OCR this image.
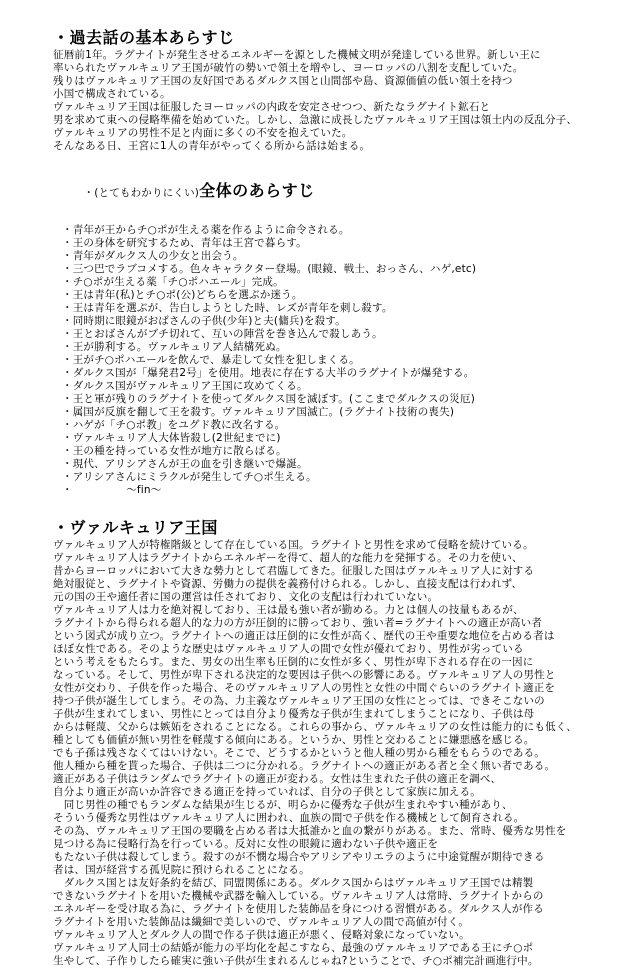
・過去話の基本あらすじ
征暦前1年。ラグナイトが発生させるエネルギーを源とした機械文明が発達している世界。新しい王に
率いられたヴァルキュリア王国が破竹の勢いで領土を増やし、ヨーロッパの八割を支配していた。
残りはヴァルキュリア王国の友好国であるダルクス国と山間部や島、資源価値の低い領土を持つ
小国で構成されている。
ヴァルキュリア王国は征服したヨーロッパの内政を安定させつつ、新たなラグナイト鉱石と
男を求めて東への侵略準備を始めていた。しかし、急激に成長したヴァルキュリア王国は領土内の反乱分子、
ヴァルキュリアの男性不足と内面に多くの不安を抱えていた。
そんなある日、王宮に1人の青年がやってくる所から話は始まる。

・(とてもわかりにくい)全体のあらすじ

・青年が王からチ○ポが生える薬を作るように命令される。
・王の身体を研究するため、青年は王宮で暮らす。
・青年がダルクス人の少女と出会う。
・三つ巴でラブコメする。色々キャラクター登場。(眼鏡、戦士、おっさん、ハゲ,etc)
・チ○ポが生える薬「チ○ポハエール」完成。
・王は青年(私)とチ○ポ(公)どちらを選ぶか迷う。
・王は青年を選ぶが、告白しようとした時、レズが青年を刺し殺す。
・同時期に眼鏡がおばさんの子供(少年)と夫(傭兵)を殺す。
・王とおばさんがブチ切れて、互いの陣営を巻き込んで殺しあう。
・王が勝利する。ヴァルキュリア人結構死ぬ。
・王がチ○ポハエールを飲んで、暴走して女性を犯しまくる。
・ダルクス国が「爆発君2号」を使用。地表に存在する大半のラグナイトが爆発する。
・ダルクス国がヴァルキュリア王国に攻めてくる。
・王と軍が残りのラグナイトを使ってダルクス国を滅ぼす。(ここまでダルクスの災厄)
・属国が反旗を翻して王を殺す。ヴァルキュリア国滅亡。(ラグナイト技術の喪失)
・ハゲが「チ○ポ教」をユグド教に改名する。
・ヴァルキュリア人大体皆殺し(2世紀までに)
・王の種を持っている女性が地方に散らばる。
・現代、アリシアさんが王の血を引き継いで爆誕。
・アリシアさんにミラクルが発生してチ○ポ生える。
・　　　　　～fin～
・ヴァルキュリア王国
ヴァルキュリア人が特権階級として存在している国。ラグナイトと男性を求めて侵略を続けている。
ヴァルキュリア人はラグナイトからエネルギーを得て、超人的な能力を発揮する。その力を使い、
昔からヨーロッパにおいて大きな勢力として君臨してきた。征服した国はヴァルキュリア人に対する
絶対服従と、ラグナイトや資源、労働力の提供を義務付けられる。しかし、直接支配は行われず、
元の国の王や適任者に国の運営は任されており、文化の支配は行われていない。
ヴァルキュリア人は力を絶対視しており、王は最も強い者が勤める。力とは個人の技量もあるが、
ラグナイトから得られる超人的な力の方が圧倒的に勝っており、強い者=ラグナイトへの適正が高い者
という図式が成り立つ。ラグナイトへの適正は圧倒的に女性が高く、歴代の王や重要な地位を占める者は
ほぼ女性である。そのような歴史はヴァルキュリア人の間で女性が優れており、男性が劣っている
という考えをもたらす。また、男女の出生率も圧倒的に女性が多く、男性が卑下される存在の一因に
なっている。そして、男性が卑下される決定的な要因は子供への影響にある。ヴァルキュリア人の男性と
女性が交わり、子供を作った場合、そのヴァルキュリア人の男性と女性の中間ぐらいのラグナイト適正を
持つ子供が誕生してしまう。その為、力主義なヴァルキュリア王国の女性にとっては、できそこないの
子供が生まれてしまい、男性にとっては自分より優秀な子供が生まれてしまうことになり、子供は母
からは軽蔑、父からは嫉妬をされることになる。これらの事から、ヴァルキュリアの女性は能力的にも低く、
種としても価値が無い男性を軽蔑する傾向にある。というか、男性と交わることに嫌悪感を感じる。
でも子孫は残さなくてはいけない。そこで、どうするかというと他人種の男から種をもらうのである。
他人種から種を貰った場合、子供は二つに分かれる。ラグナイトへの適正がある者と全く無い者である。
適正がある子供はランダムでラグナイトの適正が変わる。女性は生まれた子供の適正を調べ、
自分より適正が高いか許容できる適正を持っていれば、自分の子供として家族に加える。
　同じ男性の種でもランダムな結果が生じるが、明らかに優秀な子供が生まれやすい種があり、
そういう優秀な男性はヴァルキュリア人に囲われ、血族の間で子供を作る機械として飼育される。
その為、ヴァルキュリア王国の要職を占める者は大抵誰かと血の繋がりがある。また、常時、優秀な男性を
見つける為に侵略行為を行っている。反対に女性の眼鏡に適わない子供や適正を
もたない子供は殺してしまう。殺すのが不憫な場合やアリシアやリエラのように中途覚醒が期待できる
者は、国が経営する孤児院に預けられることになる。
　ダルクス国とは友好条約を結び、同盟関係にある。ダルクス国からはヴァルキュリア王国では精製
できないラグナイトを用いた機械や武器を輸入している。ヴァルキュリア人は常時、ラグナイトからの
エネルギーを受け取る為に、ラグナイトを使用した装飾品を身につける習慣がある。ダルクス人が作る
ラグナイトを用いた装飾品は繊細で美しいので、ヴァルキュリア人の間で高値が付く。
ヴァルキュリア人とダルク人の間で作る子供は適正が悪く、侵略対象になっていない。
ヴァルキュリア人同士の結婚が能力の平均化を起こすなら、最強のヴァルキュリアである王にチ○ポ
生やして、子作りしたら確実に強い子供が生まれるんじゃね?ということで、チ○ポ補完計画進行中。
